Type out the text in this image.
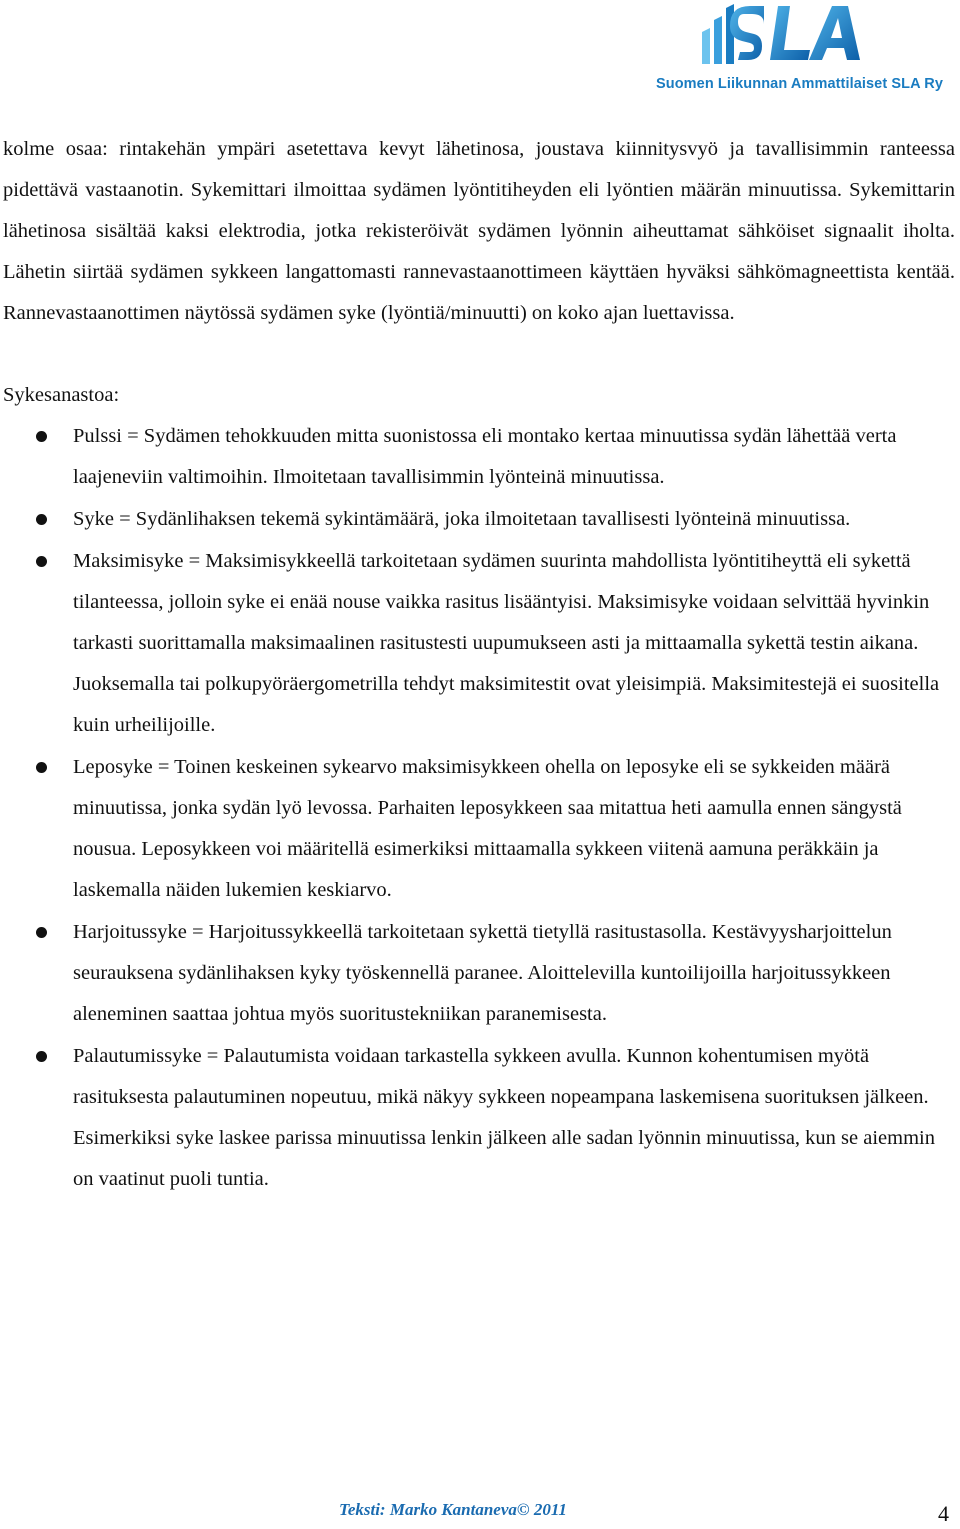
Suomen Liikunnan Ammattilaiset SLA Ry

kolme osaa: rintakehän ympäri asetettava kevyt lähetinosa, joustava kiinnitysvyö ja tavallisimmin ranteessa pidettävä vastaanotin. Sykemittari ilmoittaa sydämen lyöntitiheyden eli lyöntien määrän minuutissa. Sykemittarin lähetinosa sisältää kaksi elektrodia, jotka rekisteröivät sydämen lyönnin aiheuttamat sähköiset signaalit iholta. Lähetin siirtää sydämen sykkeen langattomasti rannevastaanottimeen käyttäen hyväksi sähkömagneettista kentää. Rannevastaanottimen näytössä sydämen syke (lyöntiä/minuutti) on koko ajan luettavissa.

Sykesanastoa:
Pulssi = Sydämen tehokkuuden mitta suonistossa eli montako kertaa minuutissa sydän lähettää verta laajeneviin valtimoihin. Ilmoitetaan tavallisimmin lyönteinä minuutissa.
Syke = Sydänlihaksen tekemä sykintämäärä, joka ilmoitetaan tavallisesti lyönteinä minuutissa.
Maksimisyke = Maksimisykkeellä tarkoitetaan sydämen suurinta mahdollista lyöntitiheyttä eli sykettä tilanteessa, jolloin syke ei enää nouse vaikka rasitus lisääntyisi. Maksimisyke voidaan selvittää hyvinkin tarkasti suorittamalla maksimaalinen rasitustesti uupumukseen asti ja mittaamalla sykettä testin aikana. Juoksemalla tai polkupyöräergometrilla tehdyt maksimitestit ovat yleisimpiä. Maksimitestejä ei suositella kuin urheilijoille.
Leposyke = Toinen keskeinen sykearvo maksimisykkeen ohella on leposyke eli se sykkeiden määrä minuutissa, jonka sydän lyö levossa. Parhaiten leposykkeen saa mitattua heti aamulla ennen sängystä nousua. Leposykkeen voi määritellä esimerkiksi mittaamalla sykkeen viitenä aamuna peräkkäin ja laskemalla näiden lukemien keskiarvo.
Harjoitussyke = Harjoitussykkeellä tarkoitetaan sykettä tietyllä rasitustasolla. Kestävyysharjoittelun seurauksena sydänlihaksen kyky työskennellä paranee. Aloittelevilla kuntoilijoilla harjoitussykkeen aleneminen saattaa johtua myös suoritustekniikan paranemisesta.
Palautumissyke = Palautumista voidaan tarkastella sykkeen avulla. Kunnon kohentumisen myötä rasituksesta palautuminen nopeutuu, mikä näkyy sykkeen nopeampana laskemisena suorituksen jälkeen. Esimerkiksi syke laskee parissa minuutissa lenkin jälkeen alle sadan lyönnin minuutissa, kun se aiemmin on vaatinut puoli tuntia.
Teksti: Marko Kantaneva© 2011	4
